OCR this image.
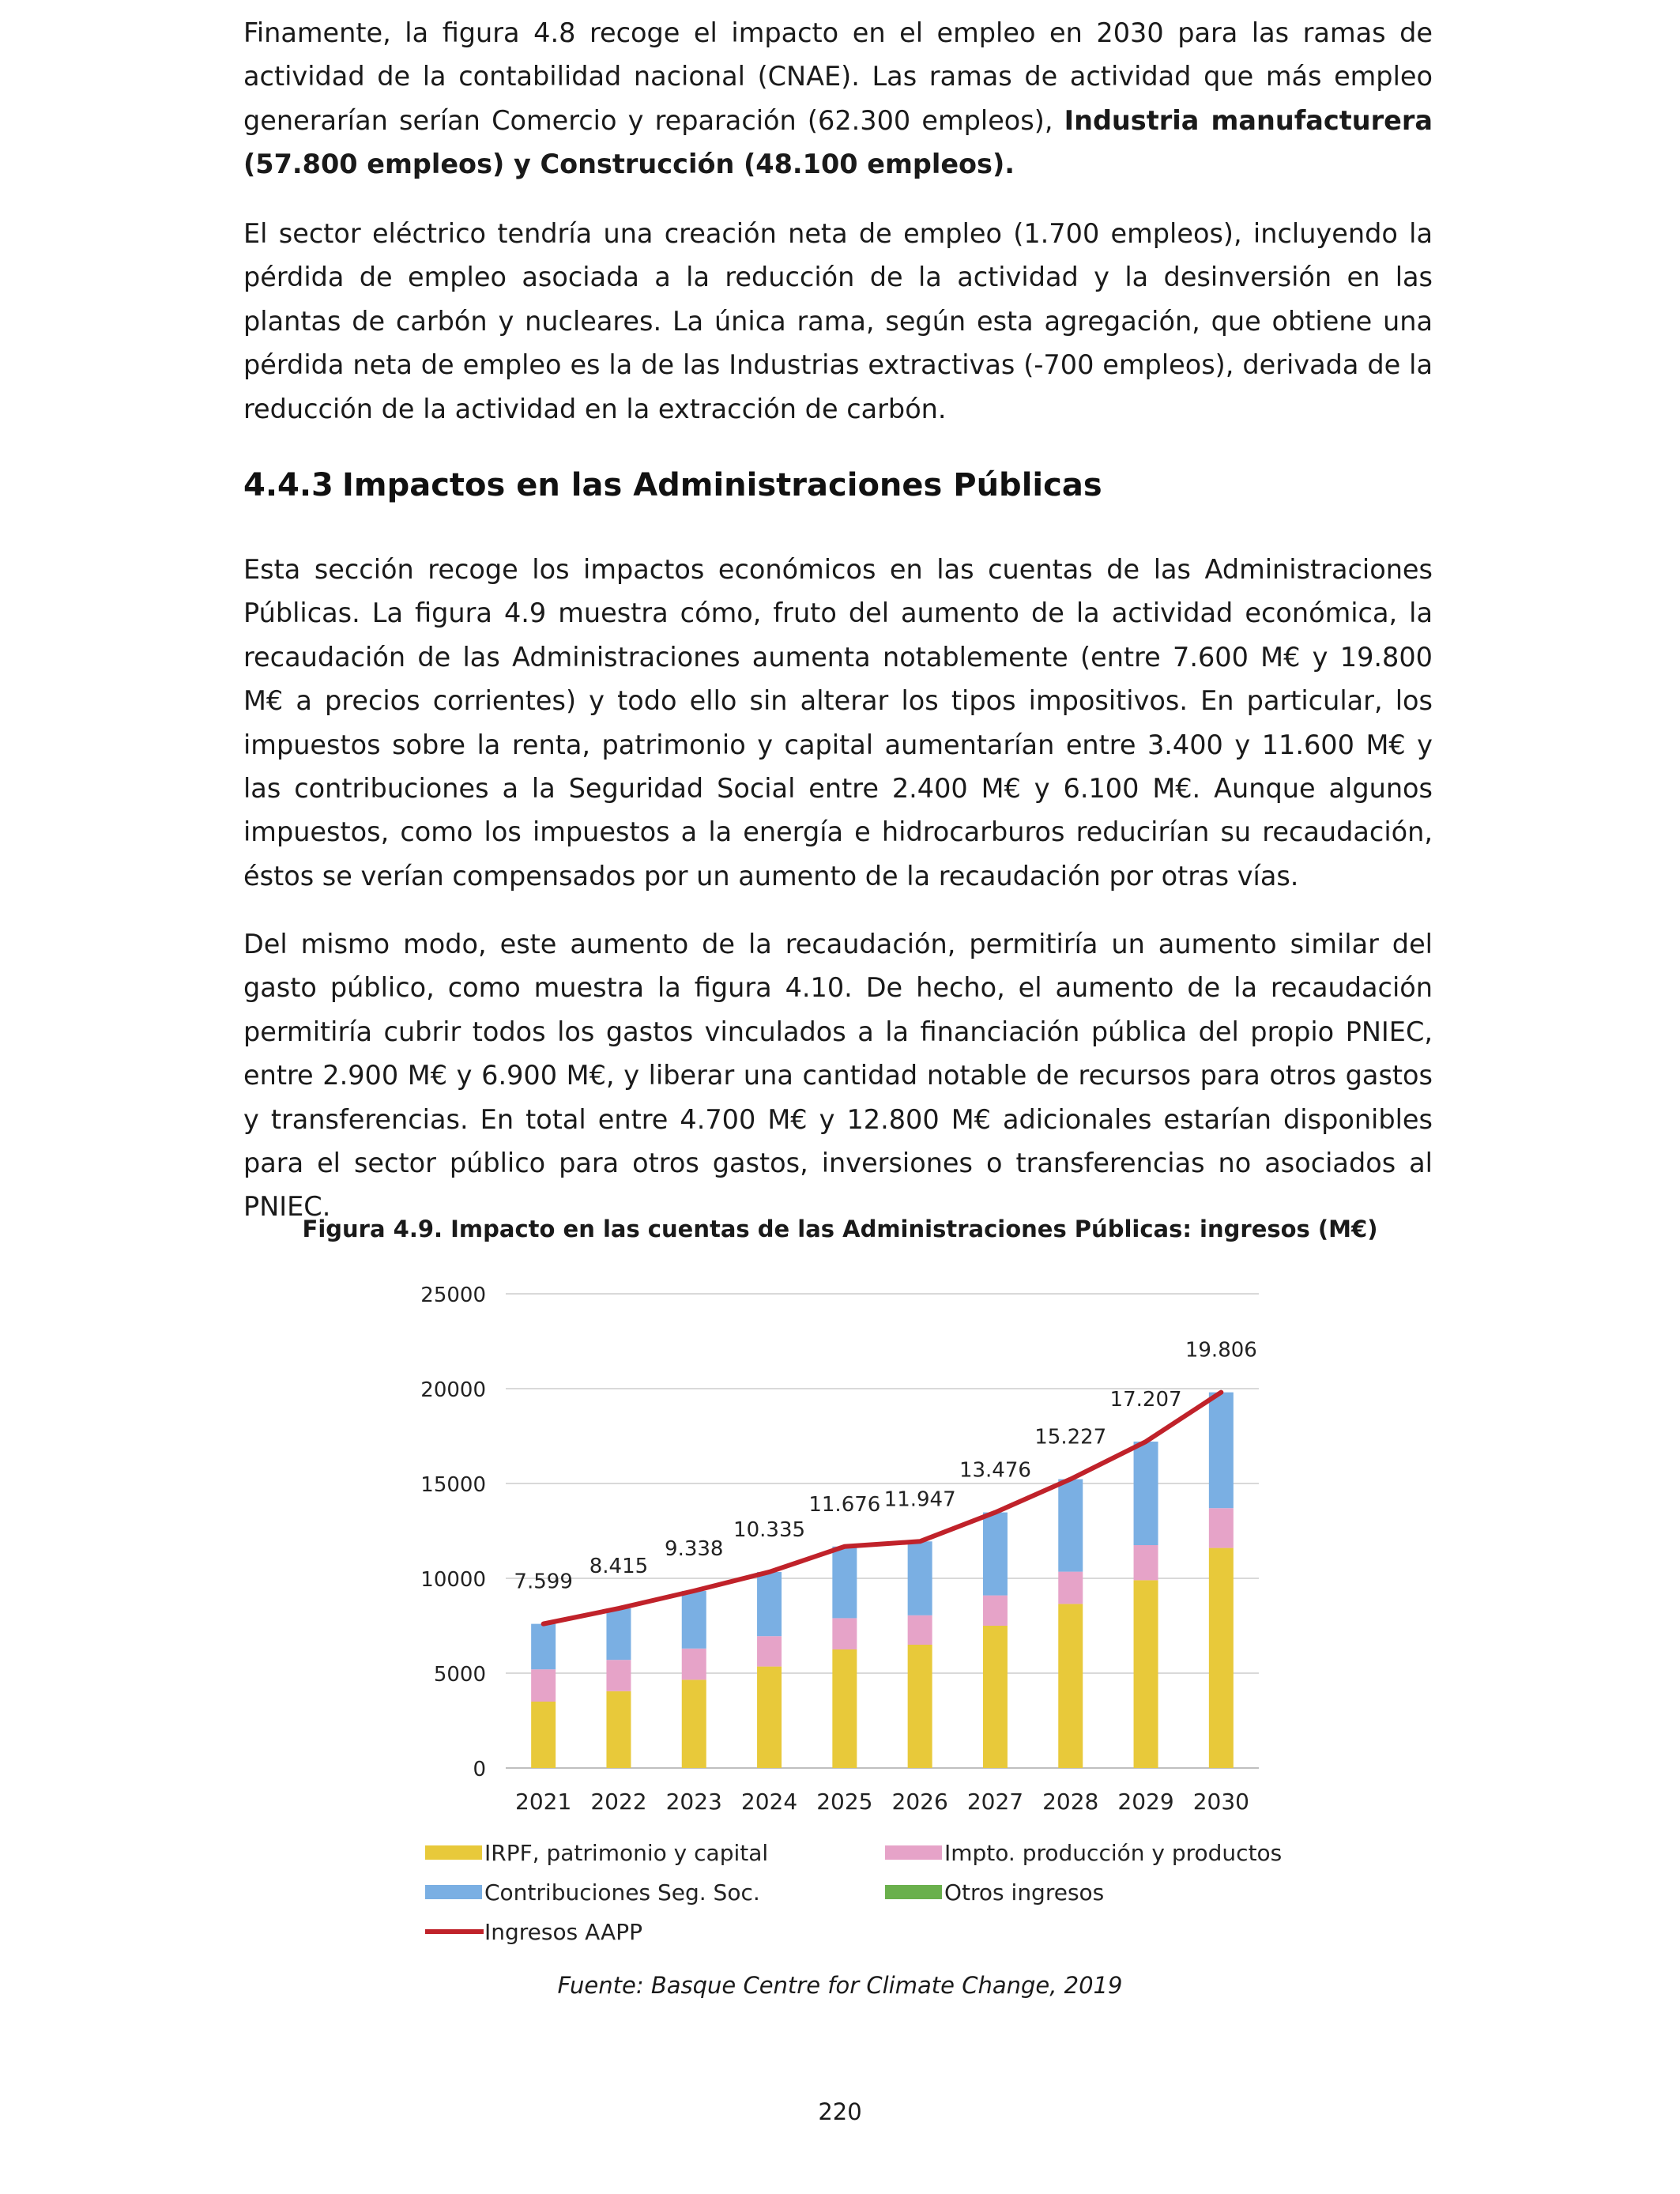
Finamente, la figura 4.8 recoge el impacto en el empleo en 2030 para las ramas de actividad de la contabilidad nacional (CNAE). Las ramas de actividad que más empleo generarían serían Comercio y reparación (62.300 empleos), Industria manufacturera (57.800 empleos) y Construcción (48.100 empleos).

El sector eléctrico tendría una creación neta de empleo (1.700 empleos), incluyendo la pérdida de empleo asociada a la reducción de la actividad y la desinversión en las plantas de carbón y nucleares. La única rama, según esta agregación, que obtiene una pérdida neta de empleo es la de las Industrias extractivas (-700 empleos), derivada de la reducción de la actividad en la extracción de carbón.

4.4.3 Impactos en las Administraciones Públicas

Esta sección recoge los impactos económicos en las cuentas de las Administraciones Públicas. La figura 4.9 muestra cómo, fruto del aumento de la actividad económica, la recaudación de las Administraciones aumenta notablemente (entre 7.600 M€ y 19.800 M€ a precios corrientes) y todo ello sin alterar los tipos impositivos. En particular, los impuestos sobre la renta, patrimonio y capital aumentarían entre 3.400 y 11.600 M€ y las contribuciones a la Seguridad Social entre 2.400 M€ y 6.100 M€. Aunque algunos impuestos, como los impuestos a la energía e hidrocarburos reducirían su recaudación, éstos se verían compensados por un aumento de la recaudación por otras vías.

Del mismo modo, este aumento de la recaudación, permitiría un aumento similar del gasto público, como muestra la figura 4.10. De hecho, el aumento de la recaudación permitiría cubrir todos los gastos vinculados a la financiación pública del propio PNIEC, entre 2.900 M€ y 6.900 M€, y liberar una cantidad notable de recursos para otros gastos y transferencias. En total entre 4.700 M€ y 12.800 M€ adicionales estarían disponibles para el sector público para otros gastos, inversiones o transferencias no asociados al PNIEC.

Figura 4.9. Impacto en las cuentas de las Administraciones Públicas: ingresos (M€)
0
5000
10000
15000
20000
25000
2021 2022 2023 2024 2025 2026 2027 2028 2029 2030
7.599
8.415
9.338
10.335
11.676 11.947
13.476
15.227
17.207
19.806
IRPF, patrimonio y capital	Impto. producción y productos
Contribuciones Seg. Soc.	Otros ingresos
Ingresos AAPP
Fuente: Basque Centre for Climate Change, 2019
220
